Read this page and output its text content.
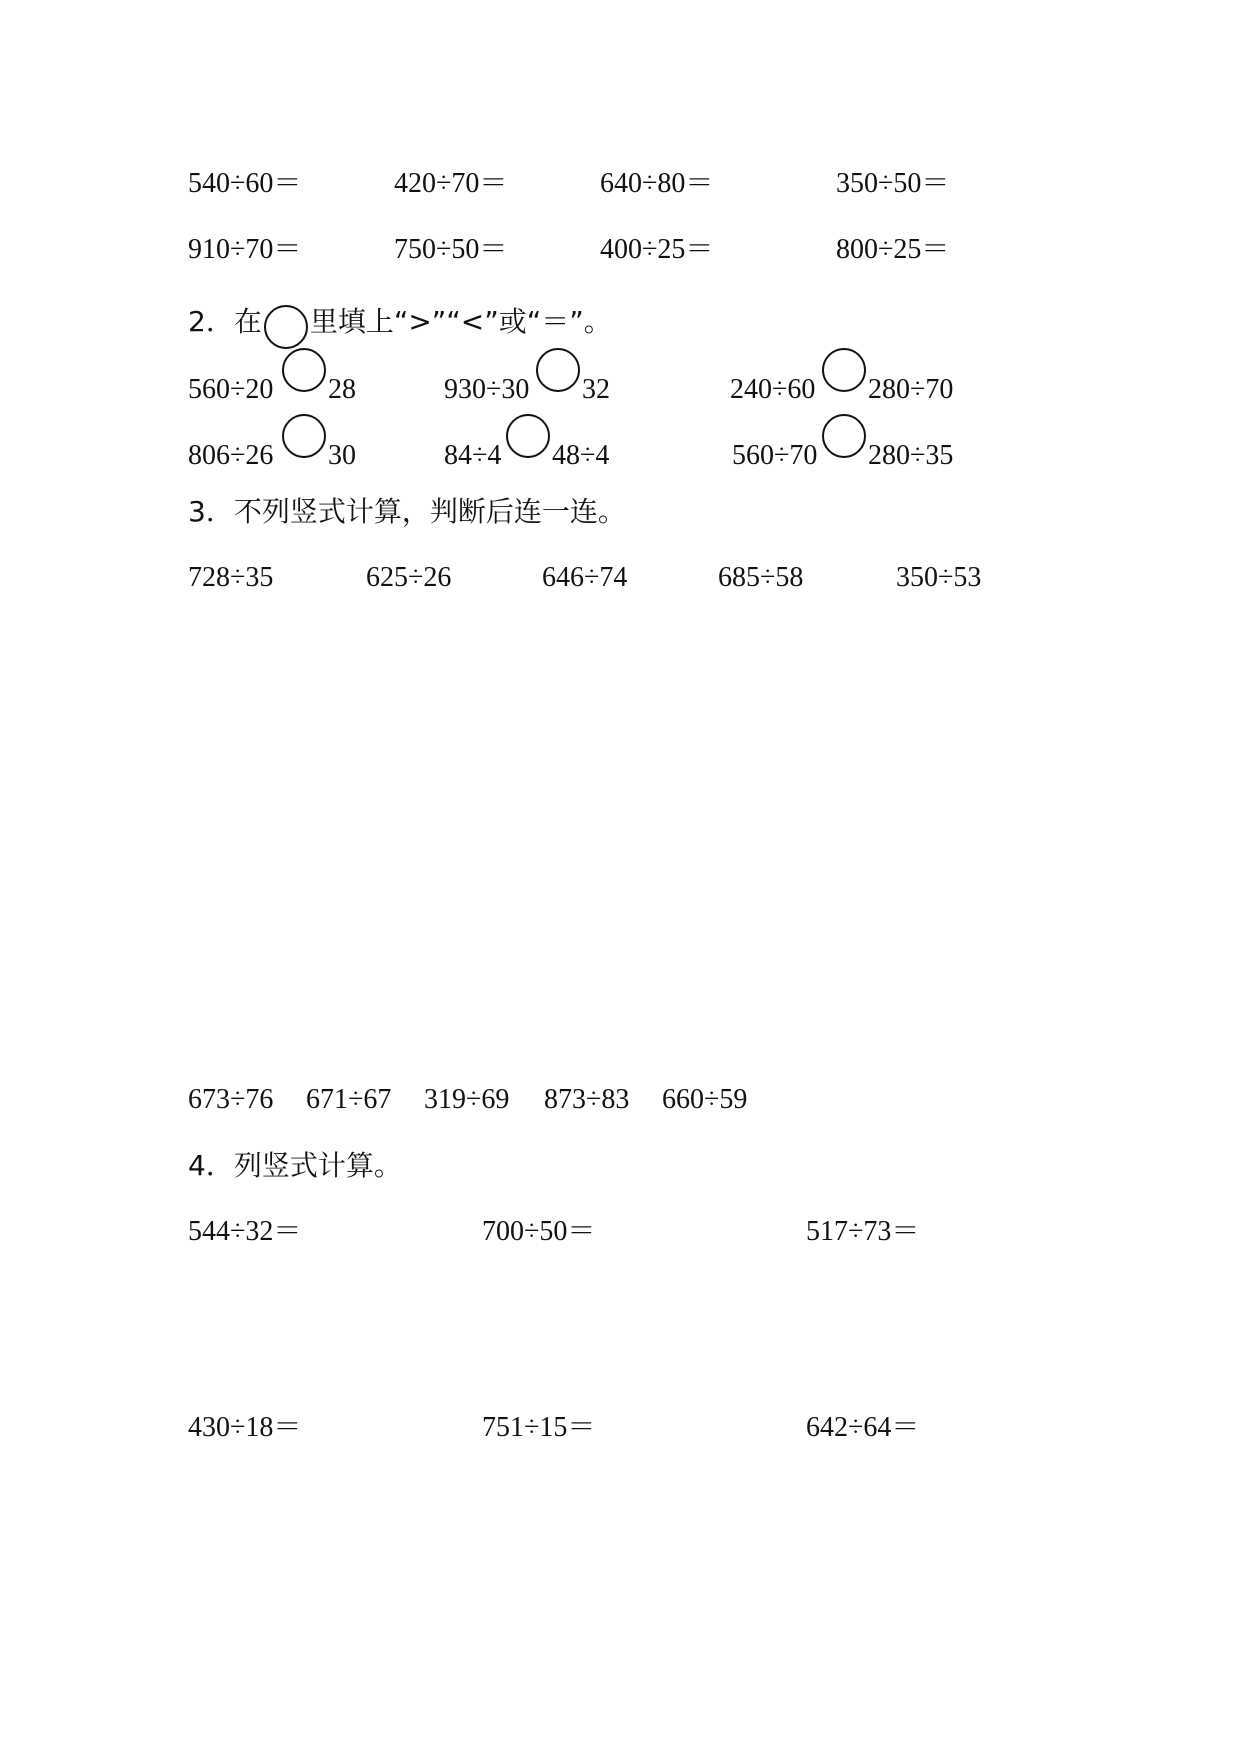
540÷60＝	420÷70＝	640÷80＝	350÷50＝
910÷70＝	750÷50＝	400÷25＝	800÷25＝
2．在 里填上“>”“<”或“＝”。
560÷20 28	930÷30 32	240÷60 280÷70
806÷26 30	84÷4 48÷4	560÷70 280÷35
3．不列竖式计算，判断后连一连。
728÷35	625÷26	646÷74	685÷58	350÷53
673÷76 671÷67 319÷69 873÷83 660÷59
4．列竖式计算。
544÷32＝	700÷50＝	517÷73＝
430÷18＝	751÷15＝	642÷64＝
